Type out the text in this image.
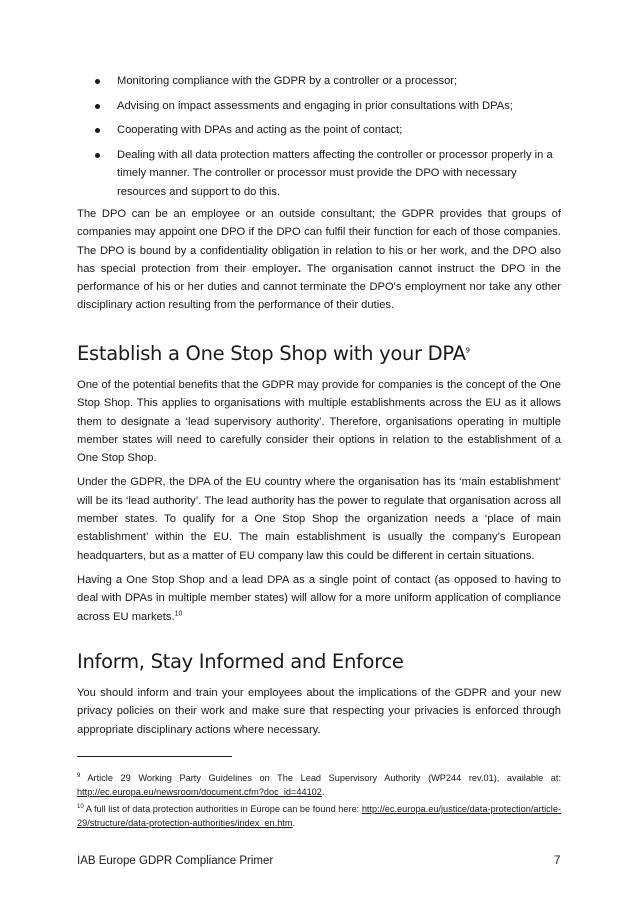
Monitoring compliance with the GDPR by a controller or a processor;
Advising on impact assessments and engaging in prior consultations with DPAs;
Cooperating with DPAs and acting as the point of contact;
Dealing with all data protection matters affecting the controller or processor properly in a timely manner. The controller or processor must provide the DPO with necessary resources and support to do this.

The DPO can be an employee or an outside consultant; the GDPR provides that groups of companies may appoint one DPO if the DPO can fulfil their function for each of those companies. The DPO is bound by a confidentiality obligation in relation to his or her work, and the DPO also has special protection from their employer. The organisation cannot instruct the DPO in the performance of his or her duties and cannot terminate the DPO's employment nor take any other disciplinary action resulting from the performance of their duties.

Establish a One Stop Shop with your DPA$^9$

One of the potential benefits that the GDPR may provide for companies is the concept of the One Stop Shop. This applies to organisations with multiple establishments across the EU as it allows them to designate a ‘lead supervisory authority’. Therefore, organisations operating in multiple member states will need to carefully consider their options in relation to the establishment of a One Stop Shop.

Under the GDPR, the DPA of the EU country where the organisation has its ‘main establishment’ will be its ‘lead authority’. The lead authority has the power to regulate that organisation across all member states. To qualify for a One Stop Shop the organization needs a ‘place of main establishment’ within the EU. The main establishment is usually the company’s European headquarters, but as a matter of EU company law this could be different in certain situations.

Having a One Stop Shop and a lead DPA as a single point of contact (as opposed to having to deal with DPAs in multiple member states) will allow for a more uniform application of compliance across EU markets.$^{10}$

Inform, Stay Informed and Enforce

You should inform and train your employees about the implications of the GDPR and your new privacy policies on their work and make sure that respecting your privacies is enforced through appropriate disciplinary actions where necessary.

$^9$ Article 29 Working Party Guidelines on The Lead Supervisory Authority (WP244 rev.01), available at: http://ec.europa.eu/newsroom/document.cfm?doc_id=44102.
$^{10}$ A full list of data protection authorities in Europe can be found here: http://ec.europa.eu/justice/data-protection/article-29/structure/data-protection-authorities/index_en.htm.
IAB Europe GDPR Compliance Primer	7
